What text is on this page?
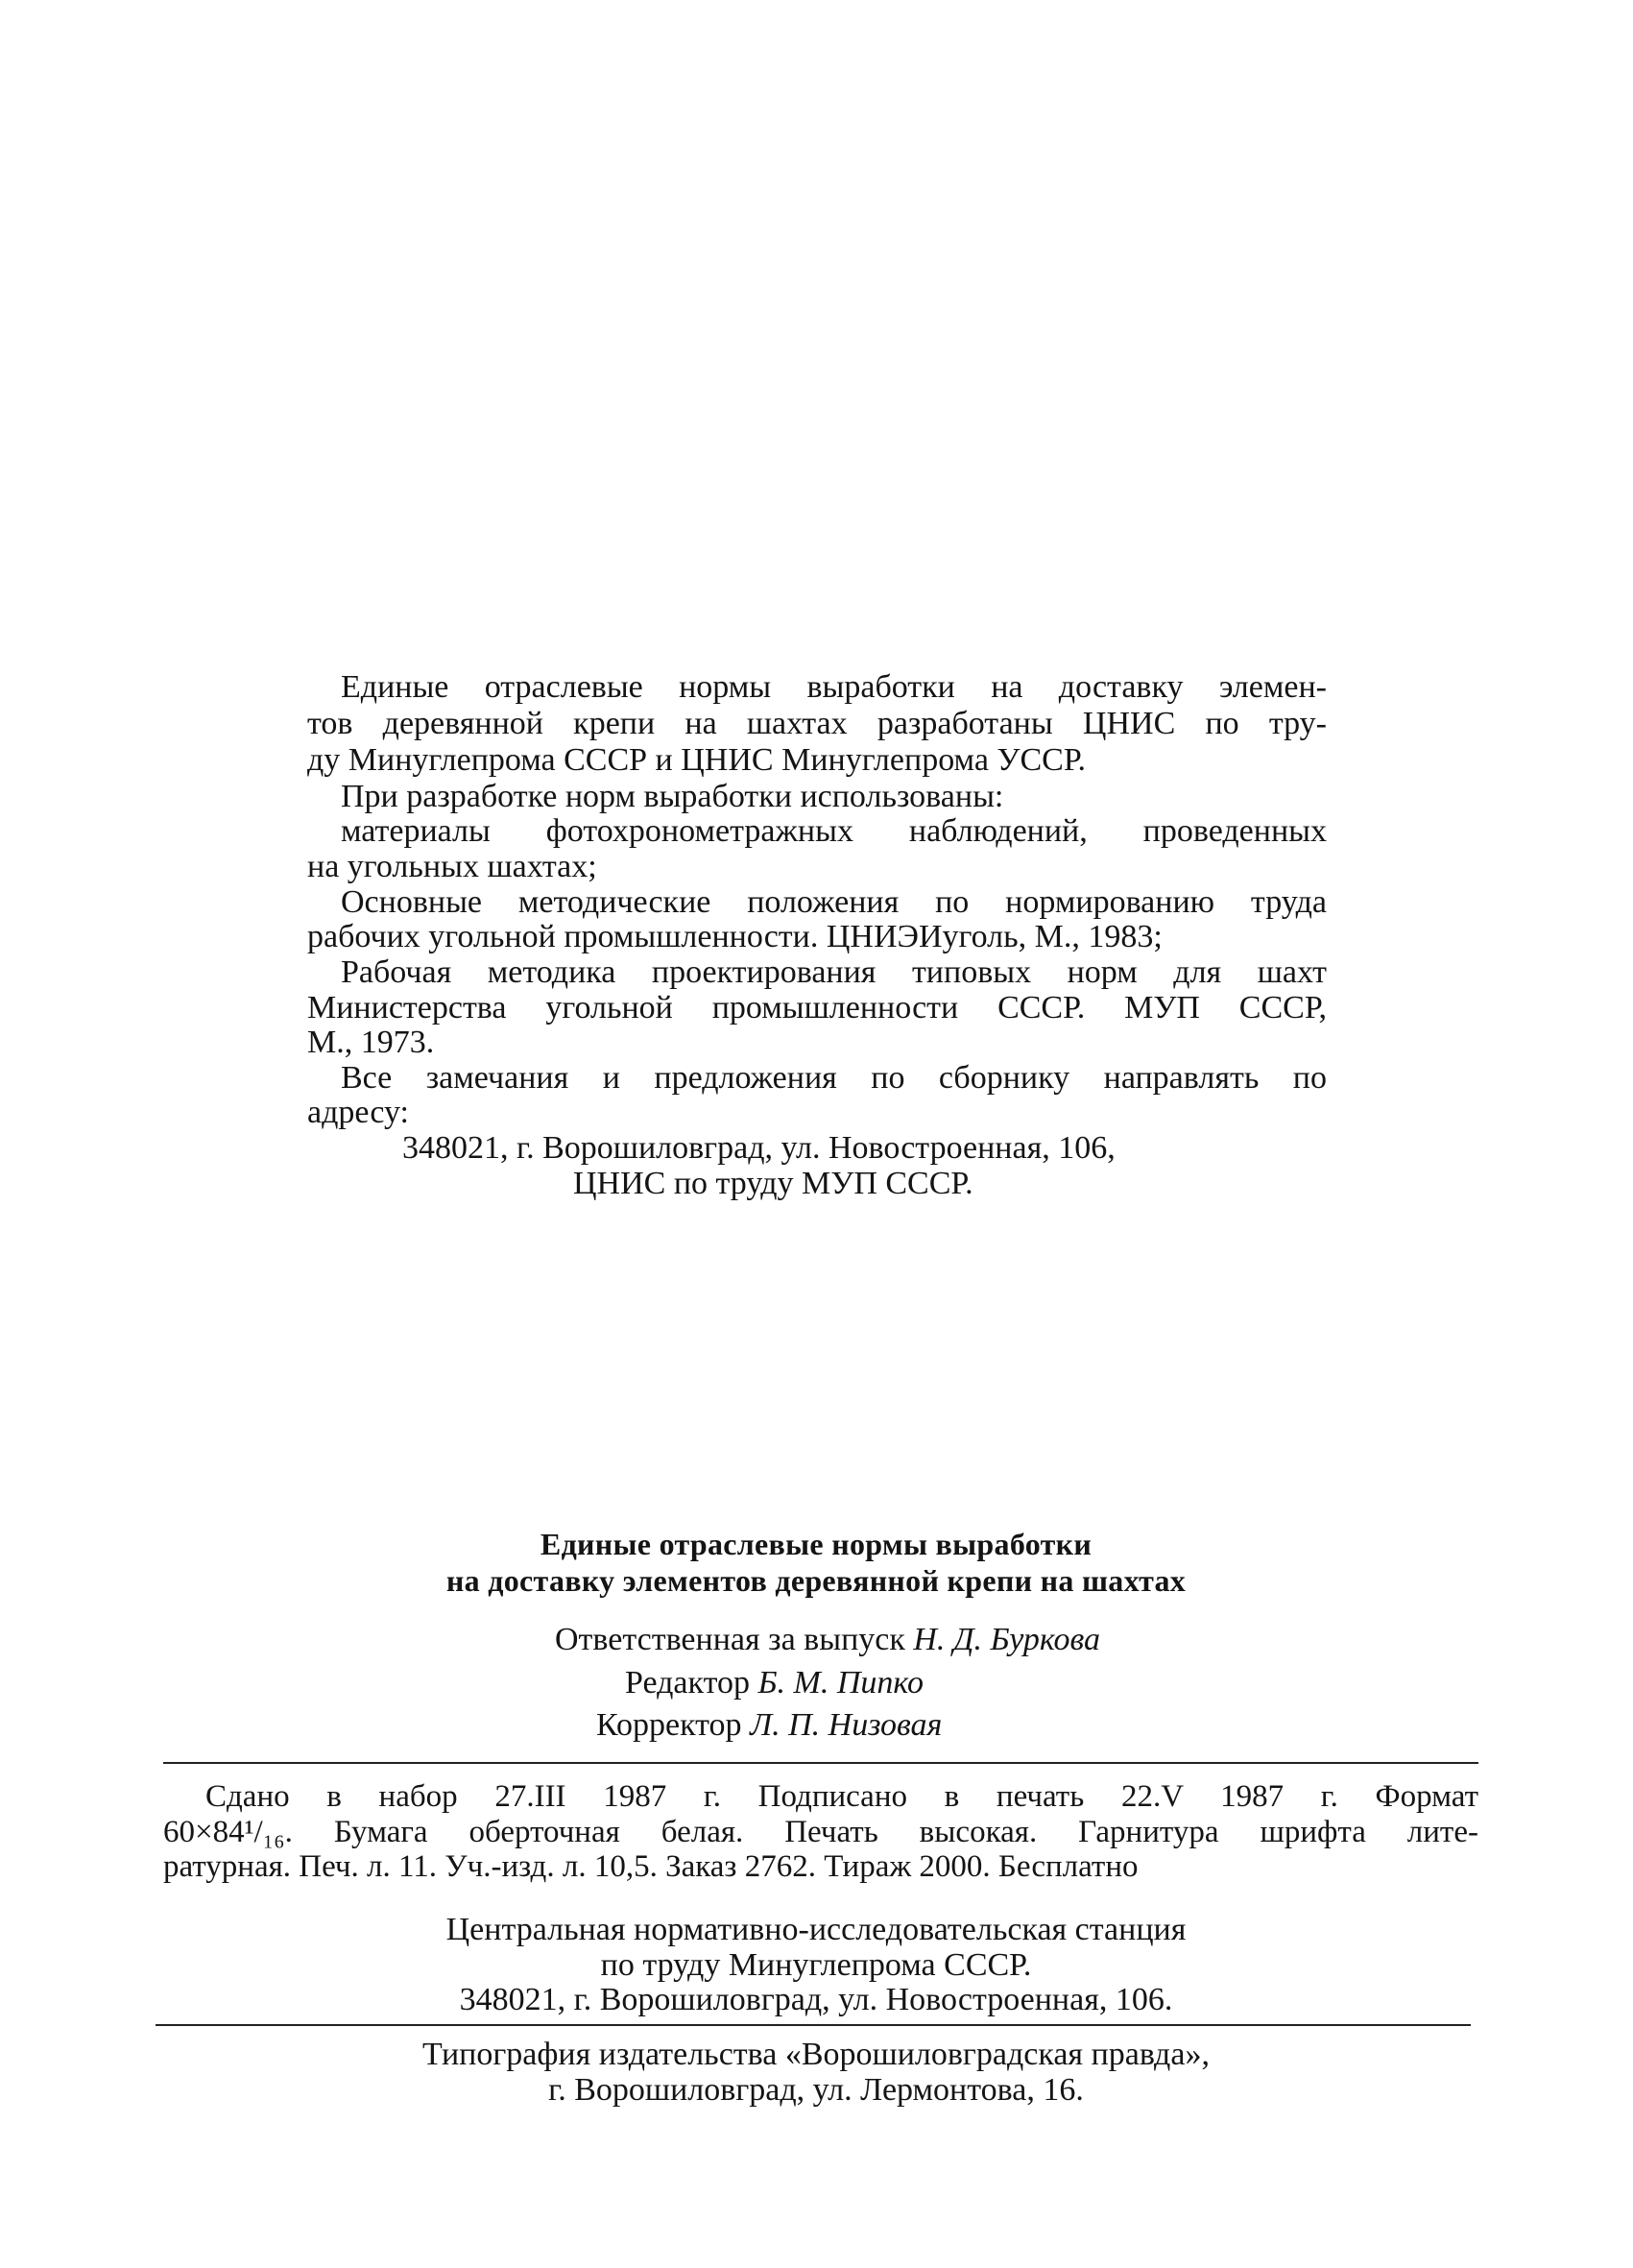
Единые отраслевые нормы выработки на доставку элемен-
тов деревянной крепи на шахтах разработаны ЦНИС по тру-
ду Минуглепрома СССР и ЦНИС Минуглепрома УССР.
При разработке норм выработки использованы:
материалы фотохронометражных наблюдений, проведенных
на угольных шахтах;
Основные методические положения по нормированию труда
рабочих угольной промышленности. ЦНИЭИуголь, М., 1983;
Рабочая методика проектирования типовых норм для шахт
Министерства угольной промышленности СССР. МУП СССР,
М., 1973.
Все замечания и предложения по сборнику направлять по
адресу:
348021, г. Ворошиловград, ул. Новостроенная, 106,
ЦНИС по труду МУП СССР.
Единые отраслевые нормы выработки
на доставку элементов деревянной крепи на шахтах
Ответственная за выпуск Н. Д. Буркова
Редактор Б. М. Пипко
Корректор Л. П. Низовая
Сдано в набор 27.III 1987 г. Подписано в печать 22.V 1987 г. Формат
60×84¹/₁₆. Бумага оберточная белая. Печать высокая. Гарнитура шрифта лите-
ратурная. Печ. л. 11. Уч.-изд. л. 10,5. Заказ 2762. Тираж 2000. Бесплатно
Центральная нормативно-исследовательская станция
по труду Минуглепрома СССР.
348021, г. Ворошиловград, ул. Новостроенная, 106.
Типография издательства «Ворошиловградская правда»,
г. Ворошиловград, ул. Лермонтова, 16.
